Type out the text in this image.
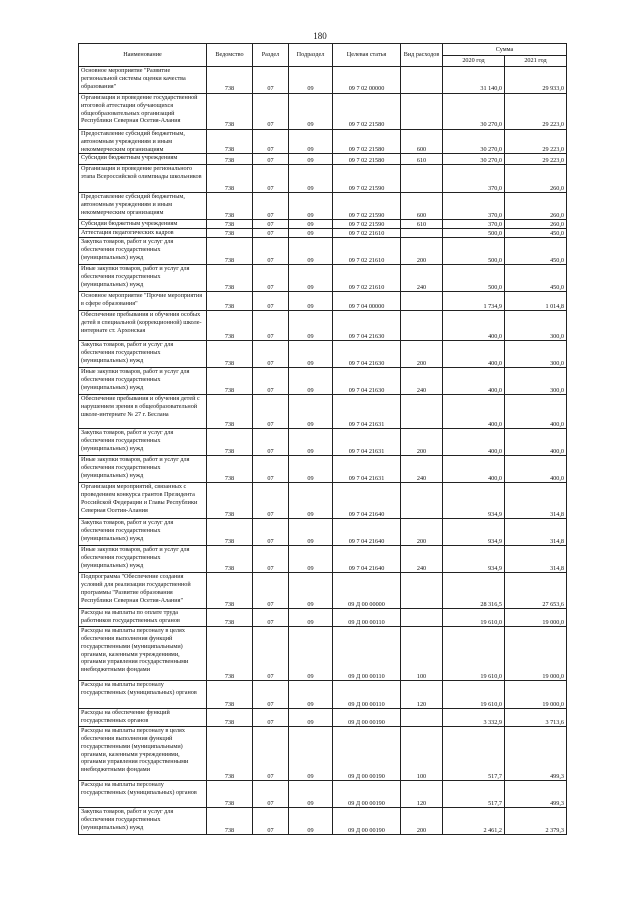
180
Наименование	Ведомство	Раздел	Подраздел	Целевая статья	Вид расходов	Сумма	
						2020 год	2021 год
Основное мероприятие "Развитие региональной системы оценки качества образования"	738	07	09	09 7 02 00000		31 140,0	29 933,0
Организация и проведение государственной итоговой аттестации обучающихся общеобразовательных организаций Республики Северная Осетия-Алания	738	07	09	09 7 02 21580		30 270,0	29 223,0
Предоставление субсидий бюджетным, автономным учреждениям и иным некоммерческим организациям	738	07	09	09 7 02 21580	600	30 270,0	29 223,0
Субсидии бюджетным учреждениям	738	07	09	09 7 02 21580	610	30 270,0	29 223,0
Организация и проведение регионального этапа Всероссийской олимпиады школьников	738	07	09	09 7 02 21590		370,0	260,0
Предоставление субсидий бюджетным, автономным учреждениям и иным некоммерческим организациям	738	07	09	09 7 02 21590	600	370,0	260,0
Субсидии бюджетным учреждениям	738	07	09	09 7 02 21590	610	370,0	260,0
Аттестация педагогических кадров	738	07	09	09 7 02 21610		500,0	450,0
Закупка товаров, работ и услуг для обеспечения государственных (муниципальных) нужд	738	07	09	09 7 02 21610	200	500,0	450,0
Иные закупки товаров, работ и услуг для обеспечения государственных (муниципальных) нужд	738	07	09	09 7 02 21610	240	500,0	450,0
Основное мероприятие "Прочие мероприятия в сфере образования"	738	07	09	09 7 04 00000		1 734,9	1 014,8
Обеспечение пребывания и обучения особых детей в специальной (коррекционной) школе-интернате ст. Архонская	738	07	09	09 7 04 21630		400,0	300,0
Закупка товаров, работ и услуг для обеспечения государственных (муниципальных) нужд	738	07	09	09 7 04 21630	200	400,0	300,0
Иные закупки товаров, работ и услуг для обеспечения государственных (муниципальных) нужд	738	07	09	09 7 04 21630	240	400,0	300,0
Обеспечение пребывания и обучения детей с нарушением зрения в общеобразовательной школе-интернате № 27 г. Беслана	738	07	09	09 7 04 21631		400,0	400,0
Закупка товаров, работ и услуг для обеспечения государственных (муниципальных) нужд	738	07	09	09 7 04 21631	200	400,0	400,0
Иные закупки товаров, работ и услуг для обеспечения государственных (муниципальных) нужд	738	07	09	09 7 04 21631	240	400,0	400,0
Организация мероприятий, связанных с проведением конкурса грантов Президента Российской Федерации и Главы Республики Северная Осетия-Алания	738	07	09	09 7 04 21640		934,9	314,8
Закупка товаров, работ и услуг для обеспечения государственных (муниципальных) нужд	738	07	09	09 7 04 21640	200	934,9	314,8
Иные закупки товаров, работ и услуг для обеспечения государственных (муниципальных) нужд	738	07	09	09 7 04 21640	240	934,9	314,8
Подпрограмма "Обеспечение создания условий для реализации государственной программы "Развитие образования Республики Северная Осетия-Алания"	738	07	09	09 Д 00 00000		28 316,5	27 653,6
Расходы на выплаты по оплате труда работников государственных органов	738	07	09	09 Д 00 00110		19 610,0	19 000,0
Расходы на выплаты персоналу в целях обеспечения выполнения функций государственными (муниципальными) органами, казенными учреждениями, органами управления государственными внебюджетными фондами	738	07	09	09 Д 00 00110	100	19 610,0	19 000,0
Расходы на выплаты персоналу государственных (муниципальных) органов	738	07	09	09 Д 00 00110	120	19 610,0	19 000,0
Расходы на обеспечение функций государственных органов	738	07	09	09 Д 00 00190		3 332,9	3 713,6
Расходы на выплаты персоналу в целях обеспечения выполнения функций государственными (муниципальными) органами, казенными учреждениями, органами управления государственными внебюджетными фондами	738	07	09	09 Д 00 00190	100	517,7	499,3
Расходы на выплаты персоналу государственных (муниципальных) органов	738	07	09	09 Д 00 00190	120	517,7	499,3
Закупка товаров, работ и услуг для обеспечения государственных (муниципальных) нужд	738	07	09	09 Д 00 00190	200	2 461,2	2 379,3
